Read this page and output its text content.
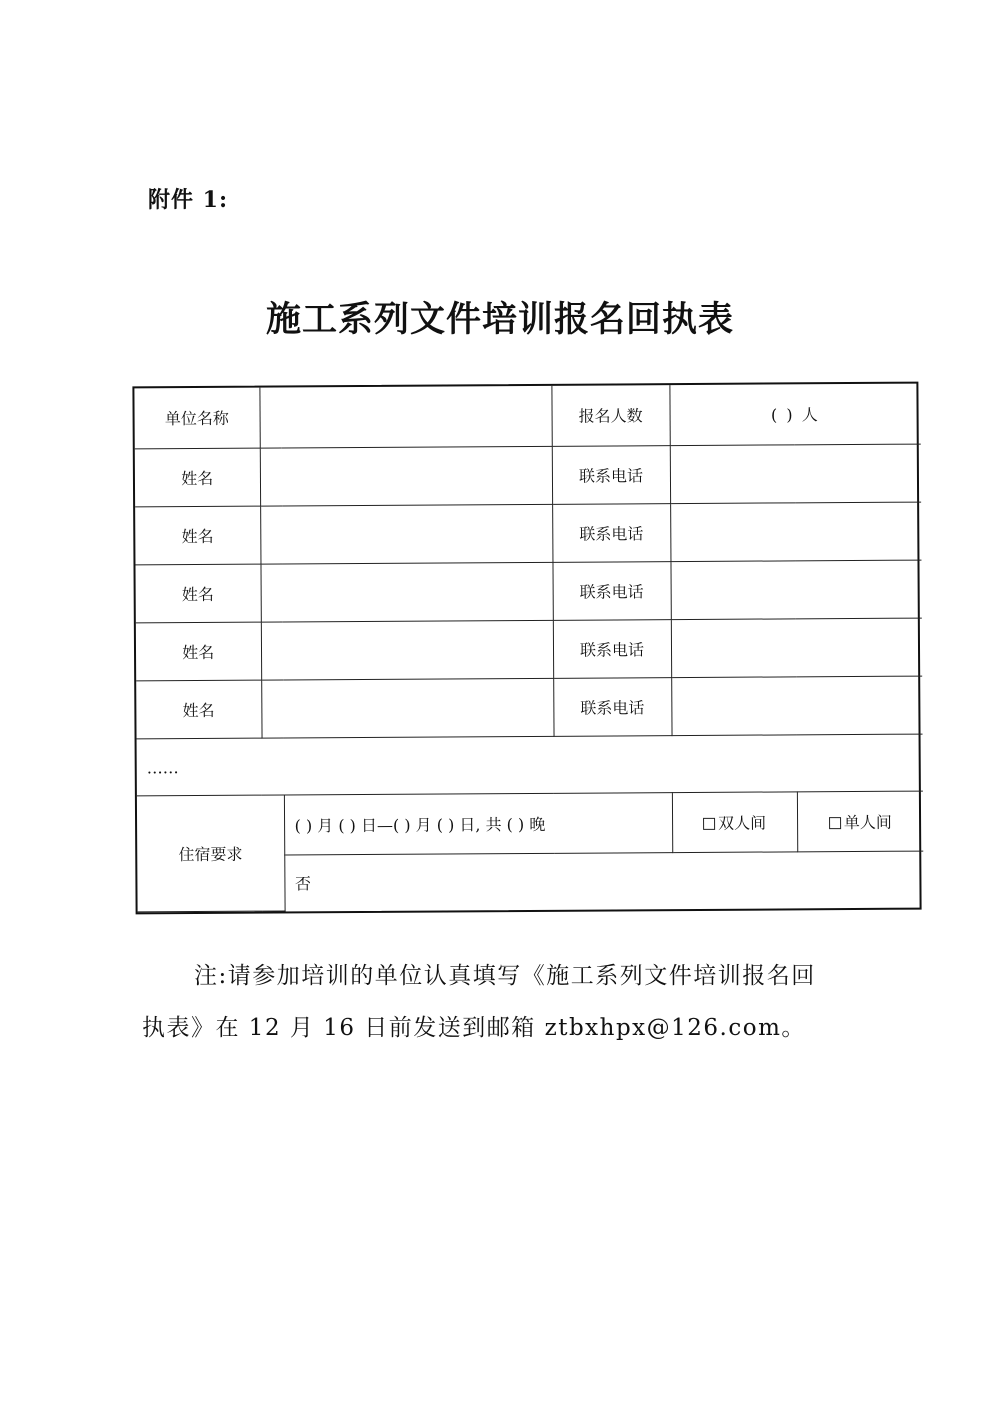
附件 1:
施工系列文件培训报名回执表
单位名称			报名人数	( ) 人	
姓名			联系电话		
姓名			联系电话		
姓名			联系电话		
姓名			联系电话		
姓名			联系电话		
……					
住宿要求		( ) 月 ( ) 日—( ) 月 ( ) 日, 共 ( ) 晚		双人间	单人间
		否			
注:请参加培训的单位认真填写《施工系列文件培训报名回
执表》在 12 月 16 日前发送到邮箱 ztbxhpx@126.com。
